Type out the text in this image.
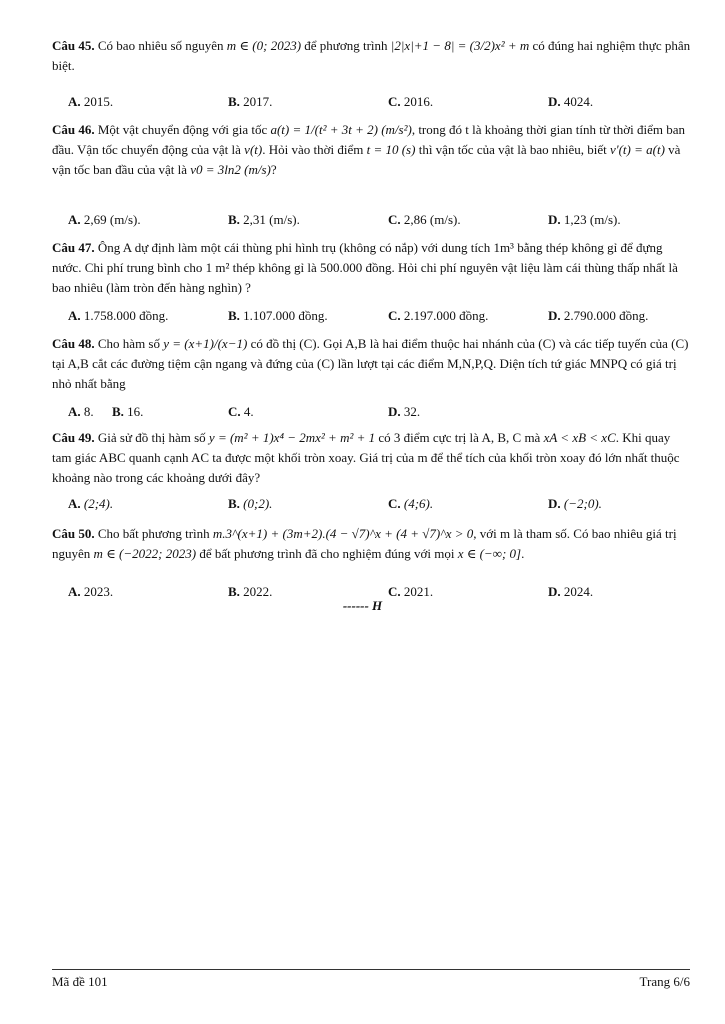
Câu 45. Có bao nhiêu số nguyên m ∈ (0; 2023) để phương trình |2|x|+1 − 8| = (3/2)x² + m có đúng hai nghiệm thực phân biệt.
A. 2015.	B. 2017.	C. 2016.	D. 4024.
Câu 46. Một vật chuyển động với gia tốc a(t) = 1/(t² + 3t + 2) (m/s²), trong đó t là khoảng thời gian tính từ thời điểm ban đầu. Vận tốc chuyển động của vật là v(t). Hỏi vào thời điểm t = 10 (s) thì vận tốc của vật là bao nhiêu, biết v'(t) = a(t) và vận tốc ban đầu của vật là v0 = 3ln2 (m/s)?
A. 2,69 (m/s).	B. 2,31 (m/s).	C. 2,86 (m/s).	D. 1,23 (m/s).
Câu 47. Ông A dự định làm một cái thùng phi hình trụ (không có nắp) với dung tích 1m³ bằng thép không gỉ để đựng nước. Chi phí trung bình cho 1 m² thép không gỉ là 500.000 đồng. Hỏi chi phí nguyên vật liệu làm cái thùng thấp nhất là bao nhiêu (làm tròn đến hàng nghìn) ?
A. 1.758.000 đồng.	B. 1.107.000 đồng.	C. 2.197.000 đồng.	D. 2.790.000 đồng.
Câu 48. Cho hàm số y = (x+1)/(x−1) có đồ thị (C). Gọi A,B là hai điểm thuộc hai nhánh của (C) và các tiếp tuyến của (C) tại A,B cắt các đường tiệm cận ngang và đứng của (C) lần lượt tại các điểm M,N,P,Q. Diện tích tứ giác MNPQ có giá trị nhỏ nhất bằng
A. 8. B. 16.	C. 4.	D. 32.
Câu 49. Giả sử đồ thị hàm số y = (m² + 1)x⁴ − 2mx² + m² + 1 có 3 điểm cực trị là A, B, C mà xA < xB < xC. Khi quay tam giác ABC quanh cạnh AC ta được một khối tròn xoay. Giá trị của m để thể tích của khối tròn xoay đó lớn nhất thuộc khoảng nào trong các khoảng dưới đây?
A. (2;4).	B. (0;2).	C. (4;6).	D. (−2;0).
Câu 50. Cho bất phương trình m.3^(x+1) + (3m+2).(4 − √7)^x + (4 + √7)^x > 0, với m là tham số. Có bao nhiêu giá trị nguyên m ∈ (−2022; 2023) để bất phương trình đã cho nghiệm đúng với mọi x ∈ (−∞; 0].
A. 2023.	B. 2022.	C. 2021.	D. 2024.
------ H
Mã đề 101	Trang 6/6
